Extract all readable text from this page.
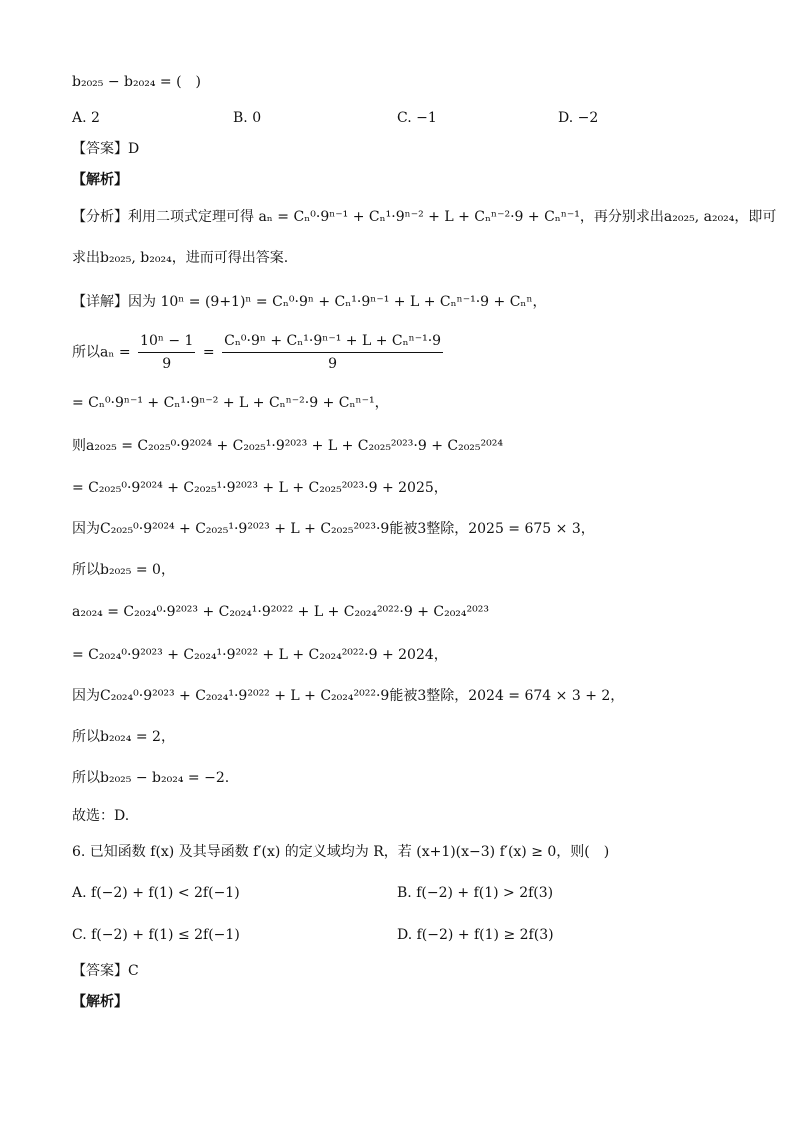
b₂₀₂₅ − b₂₀₂₄ = (　)
A. 2	B. 0	C. −1	D. −2
【答案】D
【解析】
【分析】利用二项式定理可得 aₙ = Cₙ⁰·9ⁿ⁻¹ + Cₙ¹·9ⁿ⁻² + L + Cₙⁿ⁻²·9 + Cₙⁿ⁻¹，再分别求出a₂₀₂₅, a₂₀₂₄，即可
求出b₂₀₂₅, b₂₀₂₄，进而可得出答案.
【详解】因为 10ⁿ = (9+1)ⁿ = Cₙ⁰·9ⁿ + Cₙ¹·9ⁿ⁻¹ + L + Cₙⁿ⁻¹·9 + Cₙⁿ，
所以$a_n = \frac{\text{10ⁿ − 1}}{9} = \frac{\text{Cₙ⁰·9ⁿ + Cₙ¹·9ⁿ⁻¹ + L + Cₙⁿ⁻¹·9}}{9}$
= Cₙ⁰·9ⁿ⁻¹ + Cₙ¹·9ⁿ⁻² + L + Cₙⁿ⁻²·9 + Cₙⁿ⁻¹，
则a₂₀₂₅ = C₂₀₂₅⁰·9²⁰²⁴ + C₂₀₂₅¹·9²⁰²³ + L + C₂₀₂₅²⁰²³·9 + C₂₀₂₅²⁰²⁴
= C₂₀₂₅⁰·9²⁰²⁴ + C₂₀₂₅¹·9²⁰²³ + L + C₂₀₂₅²⁰²³·9 + 2025，
因为C₂₀₂₅⁰·9²⁰²⁴ + C₂₀₂₅¹·9²⁰²³ + L + C₂₀₂₅²⁰²³·9能被3整除，2025 = 675 × 3，
所以b₂₀₂₅ = 0，
a₂₀₂₄ = C₂₀₂₄⁰·9²⁰²³ + C₂₀₂₄¹·9²⁰²² + L + C₂₀₂₄²⁰²²·9 + C₂₀₂₄²⁰²³
= C₂₀₂₄⁰·9²⁰²³ + C₂₀₂₄¹·9²⁰²² + L + C₂₀₂₄²⁰²²·9 + 2024，
因为C₂₀₂₄⁰·9²⁰²³ + C₂₀₂₄¹·9²⁰²² + L + C₂₀₂₄²⁰²²·9能被3整除，2024 = 674 × 3 + 2，
所以b₂₀₂₄ = 2，
所以b₂₀₂₅ − b₂₀₂₄ = −2.
故选：D.
6. 已知函数 f(x) 及其导函数 f′(x) 的定义域均为 R，若 (x+1)(x−3) f′(x) ≥ 0，则(　)
A. f(−2) + f(1) < 2f(−1)	B. f(−2) + f(1) > 2f(3)
C. f(−2) + f(1) ≤ 2f(−1)	D. f(−2) + f(1) ≥ 2f(3)
【答案】C
【解析】
